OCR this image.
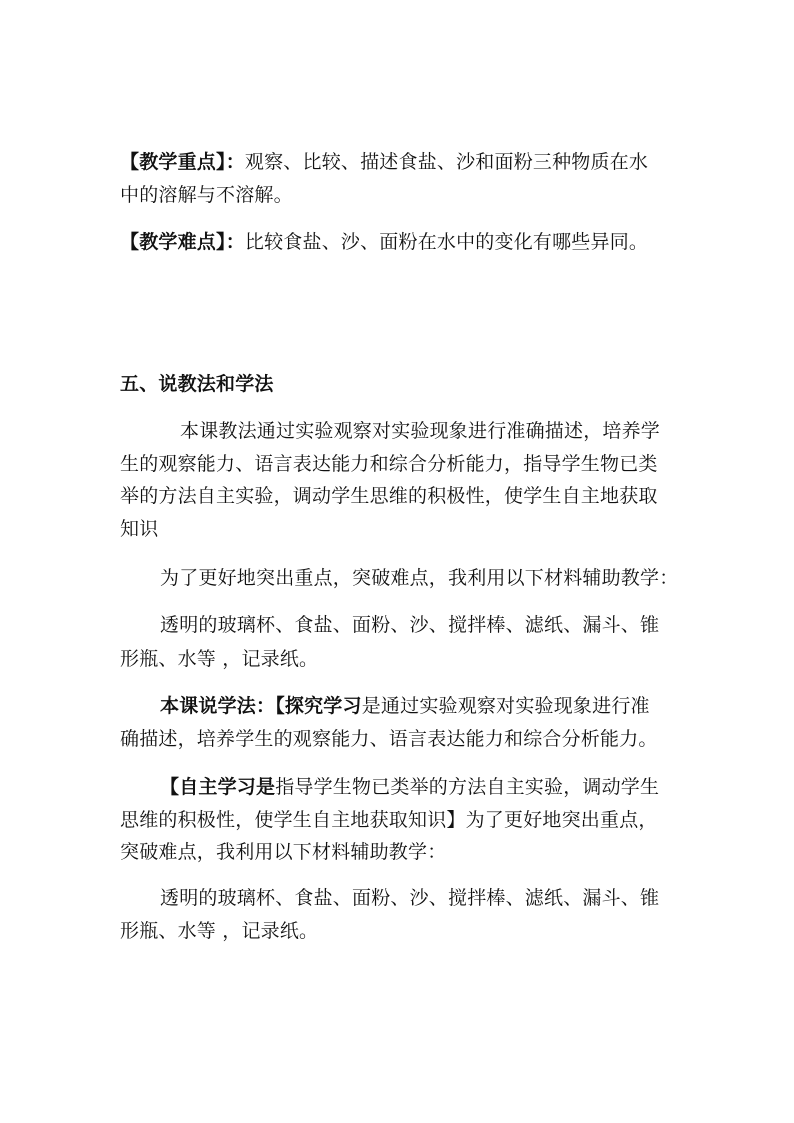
【教学重点】：观察、比较、描述食盐、沙和面粉三种物质在水
中的溶解与不溶解。
【教学难点】：比较食盐、沙、面粉在水中的变化有哪些异同。
五、说教法和学法
本课教法通过实验观察对实验现象进行准确描述，培养学
生的观察能力、语言表达能力和综合分析能力，指导学生物已类
举的方法自主实验，调动学生思维的积极性，使学生自主地获取
知识
为了更好地突出重点，突破难点，我利用以下材料辅助教学：
透明的玻璃杯、食盐、面粉、沙、搅拌棒、滤纸、漏斗、锥
形瓶、水等 ，记录纸。
本课说学法：【探究学习是通过实验观察对实验现象进行准
确描述，培养学生的观察能力、语言表达能力和综合分析能力。
【自主学习是指导学生物已类举的方法自主实验，调动学生
思维的积极性，使学生自主地获取知识】为了更好地突出重点，
突破难点，我利用以下材料辅助教学：
透明的玻璃杯、食盐、面粉、沙、搅拌棒、滤纸、漏斗、锥
形瓶、水等 ，记录纸。
